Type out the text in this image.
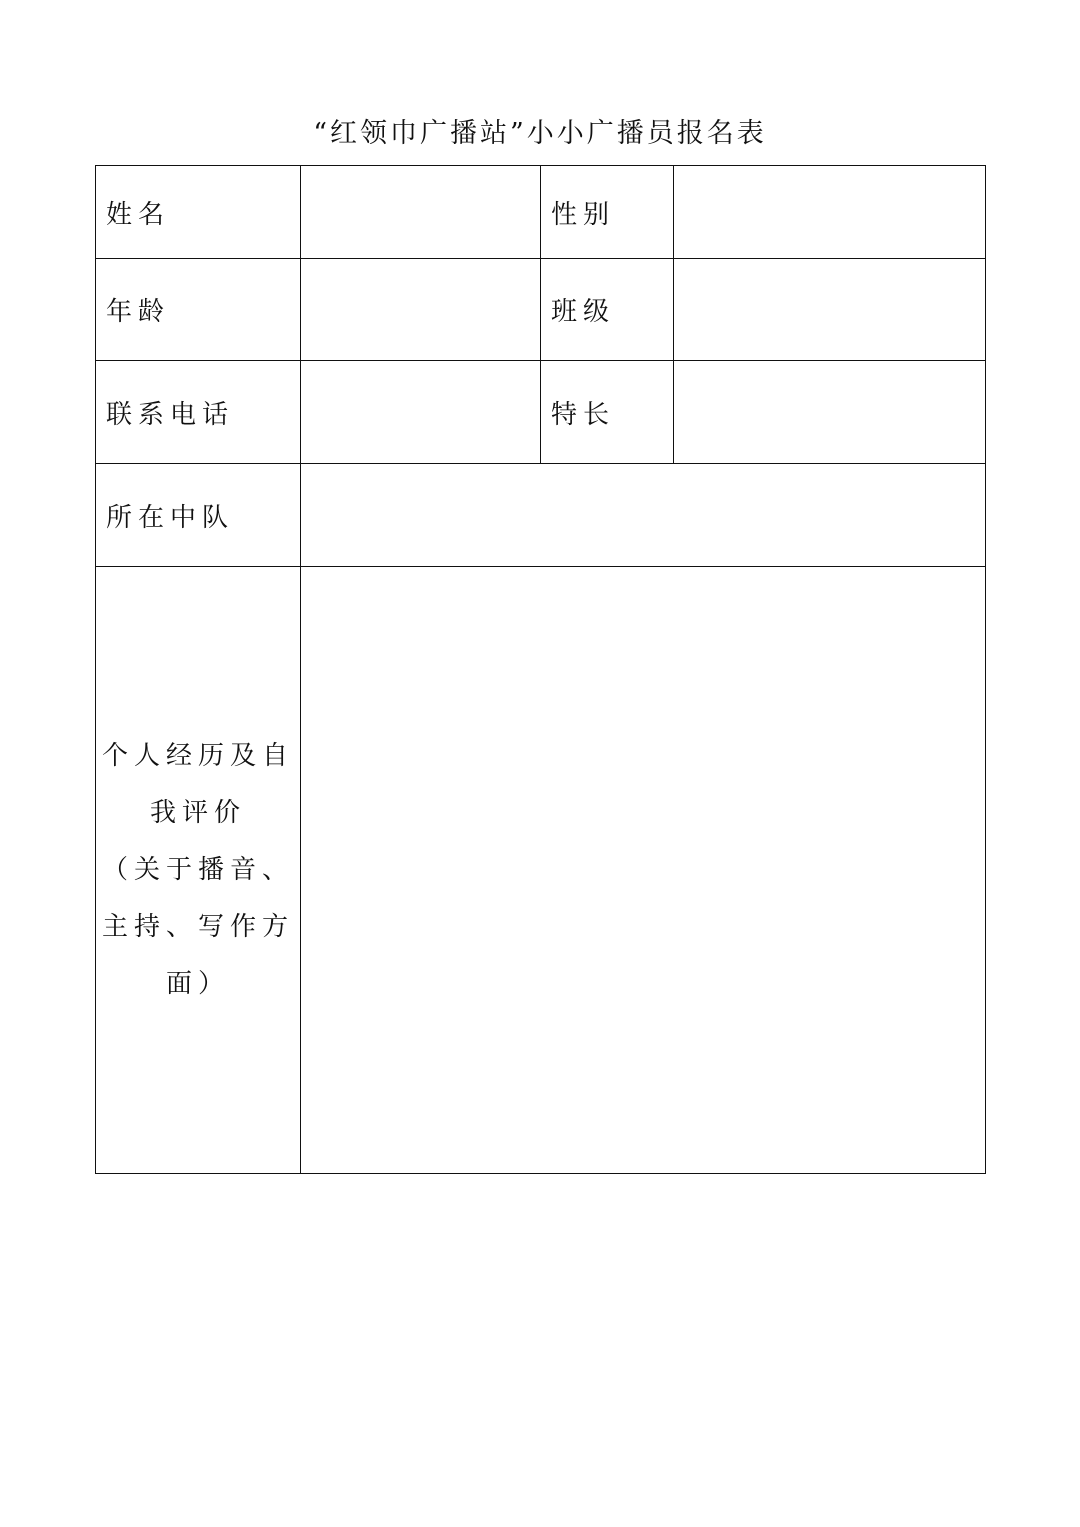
“红领巾广播站”小小广播员报名表
姓名		性别	
年龄		班级	
联系电话		特长	
所在中队			

个人经历及自
我评价
（关于播音、
主持、写作方
面）			
